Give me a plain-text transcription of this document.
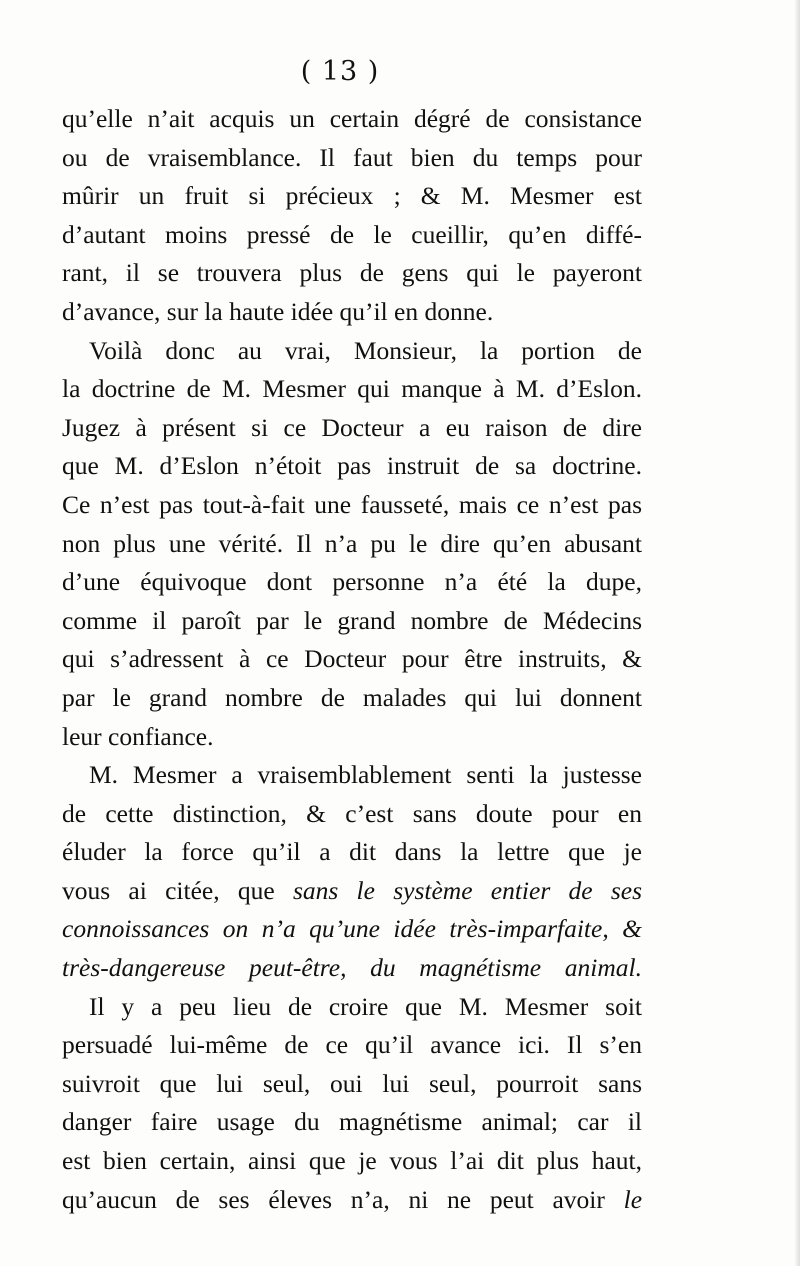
( 13 )
qu’elle n’ait acquis un certain dégré de consistance
ou de vraisemblance. Il faut bien du temps pour
mûrir un fruit si précieux ; & M. Mesmer est
d’autant moins pressé de le cueillir, qu’en diffé-
rant, il se trouvera plus de gens qui le payeront
d’avance, sur la haute idée qu’il en donne.
Voilà donc au vrai, Monsieur, la portion de
la doctrine de M. Mesmer qui manque à M. d’Eslon.
Jugez à présent si ce Docteur a eu raison de dire
que M. d’Eslon n’étoit pas instruit de sa doctrine.
Ce n’est pas tout-à-fait une fausseté, mais ce n’est pas
non plus une vérité. Il n’a pu le dire qu’en abusant
d’une équivoque dont personne n’a été la dupe,
comme il paroît par le grand nombre de Médecins
qui s’adressent à ce Docteur pour être instruits, &
par le grand nombre de malades qui lui donnent
leur confiance.
M. Mesmer a vraisemblablement senti la justesse
de cette distinction, & c’est sans doute pour en
éluder la force qu’il a dit dans la lettre que je
vous ai citée, que sans le système entier de ses
connoissances on n’a qu’une idée très-imparfaite, &
très-dangereuse peut-être, du magnétisme animal.
Il y a peu lieu de croire que M. Mesmer soit
persuadé lui-même de ce qu’il avance ici. Il s’en
suivroit que lui seul, oui lui seul, pourroit sans
danger faire usage du magnétisme animal; car il
est bien certain, ainsi que je vous l’ai dit plus haut,
qu’aucun de ses éleves n’a, ni ne peut avoir le
